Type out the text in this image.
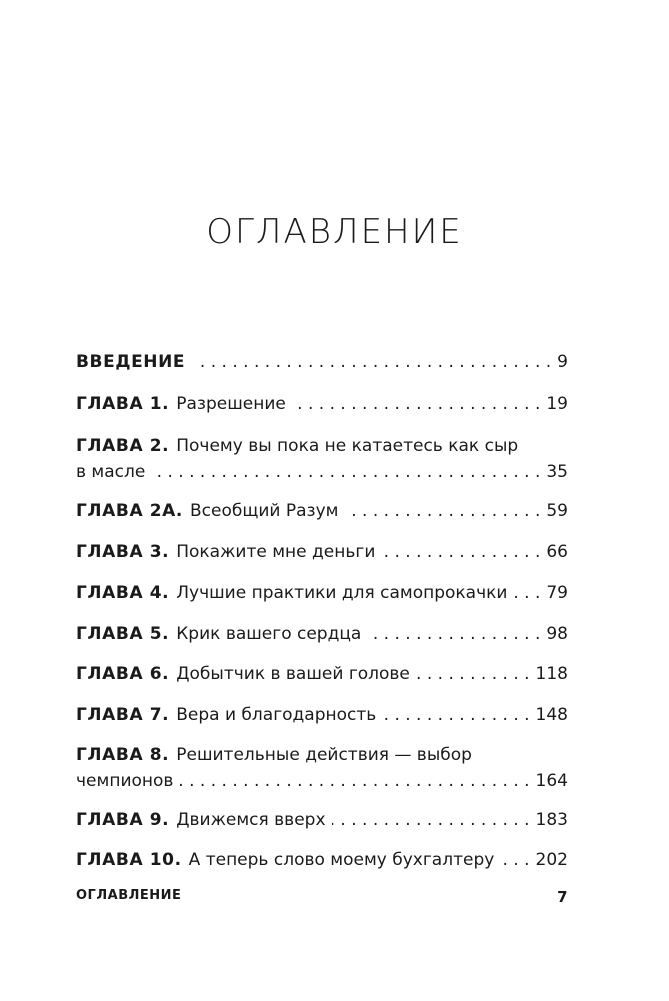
ОГЛАВЛЕНИЕ
ВВЕДЕНИЕ . . .	9
ГЛАВА 1. Разрешение . . .	19
ГЛАВА 2. Почему вы пока не катаетесь как сыр
в масле . . .	35
ГЛАВА 2А. Всеобщий Разум . . .	59
ГЛАВА 3. Покажите мне деньги . . .	66
ГЛАВА 4. Лучшие практики для самопрокачки . . . 79
ГЛАВА 5. Крик вашего сердца . . .	98
ГЛАВА 6. Добытчик в вашей голове . . .	118
ГЛАВА 7. Вера и благодарность . . .	148
ГЛАВА 8. Решительные действия — выбор
чемпионов . . .	164
ГЛАВА 9. Движемся вверх . . .	183
ГЛАВА 10. А теперь слово моему бухгалтеру . . . 202
ОГЛАВЛЕНИЕ	7
